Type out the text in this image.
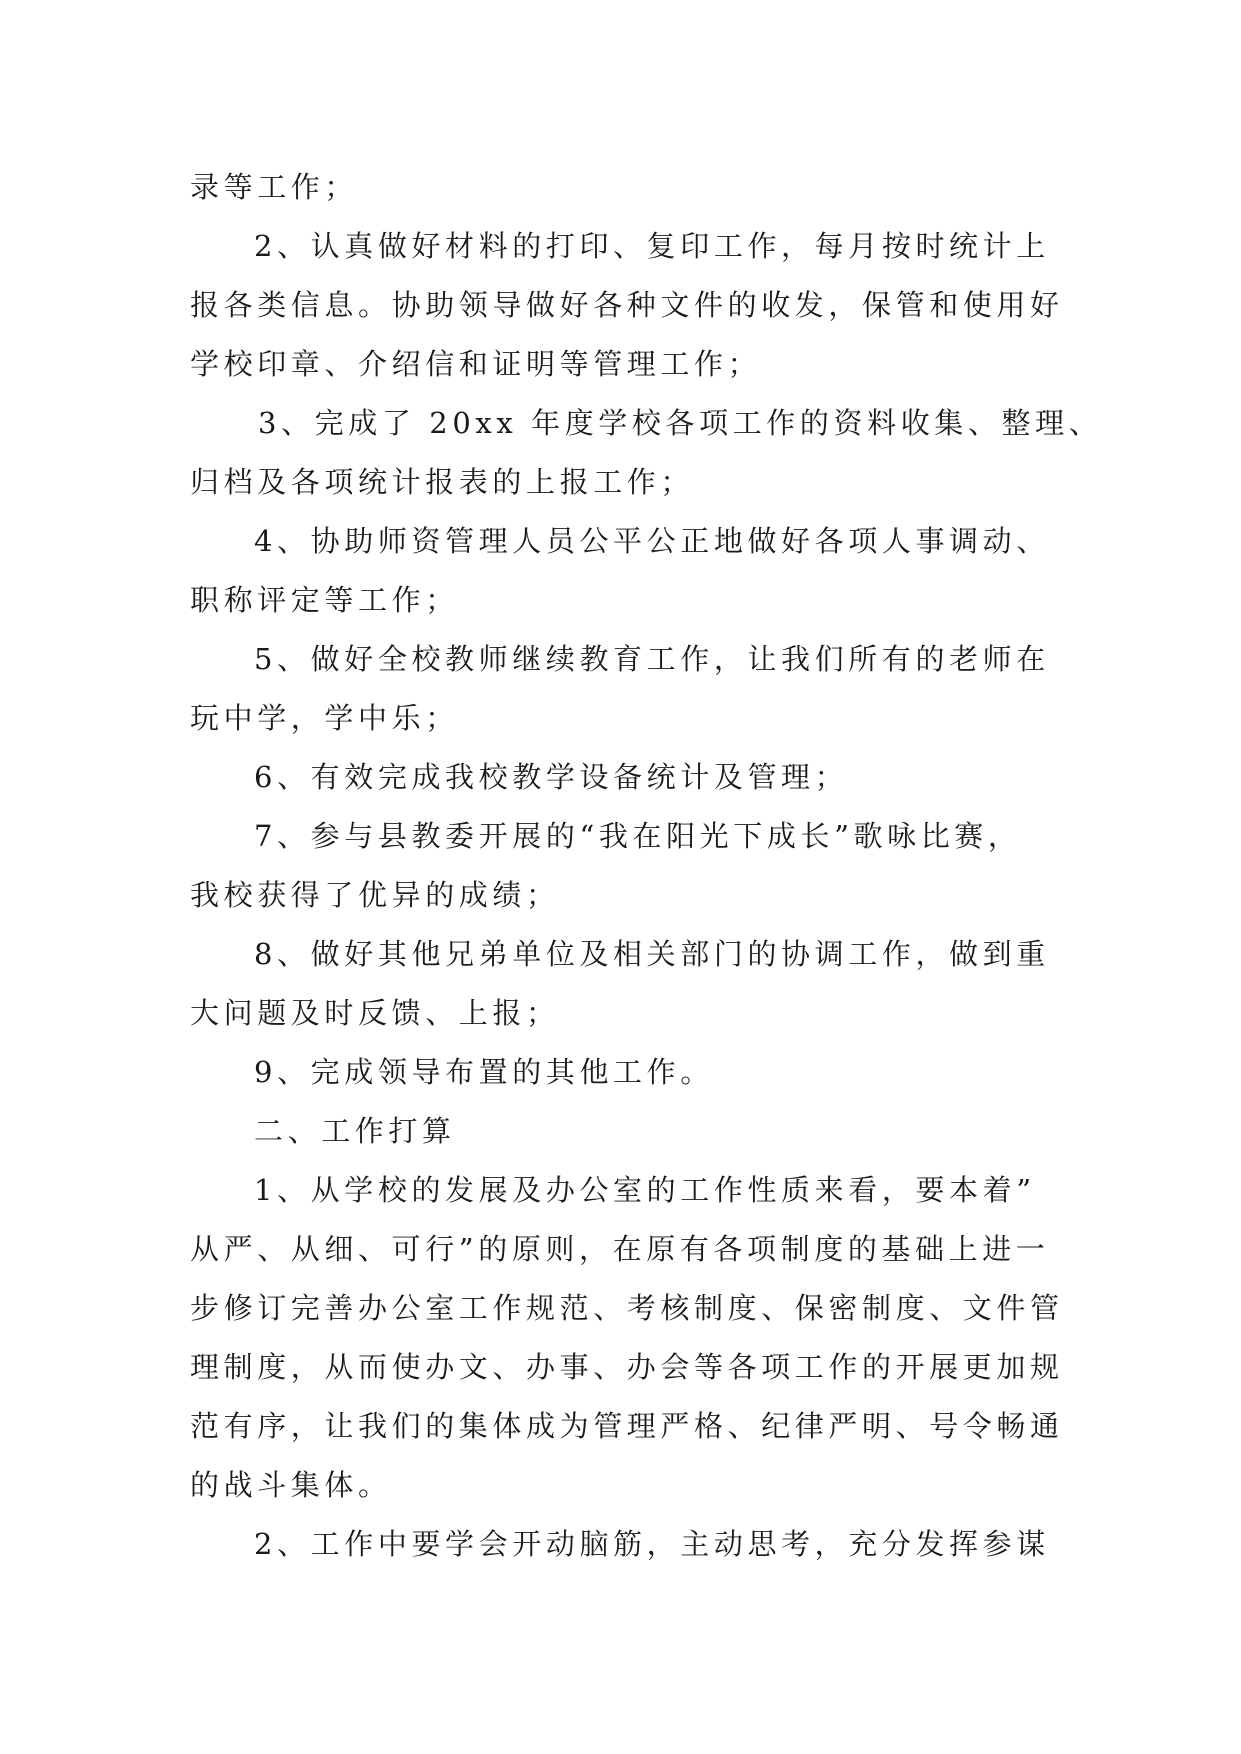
录等工作；
2、认真做好材料的打印、复印工作，每月按时统计上
报各类信息。协助领导做好各种文件的收发，保管和使用好
学校印章、介绍信和证明等管理工作；
3、完成了 20xx 年度学校各项工作的资料收集、整理、
归档及各项统计报表的上报工作；
4、协助师资管理人员公平公正地做好各项人事调动、
职称评定等工作；
5、做好全校教师继续教育工作，让我们所有的老师在
玩中学，学中乐；
6、有效完成我校教学设备统计及管理；
7、参与县教委开展的“我在阳光下成长”歌咏比赛，
我校获得了优异的成绩；
8、做好其他兄弟单位及相关部门的协调工作，做到重
大问题及时反馈、上报；
9、完成领导布置的其他工作。
二、工作打算
1、从学校的发展及办公室的工作性质来看，要本着”
从严、从细、可行”的原则，在原有各项制度的基础上进一
步修订完善办公室工作规范、考核制度、保密制度、文件管
理制度，从而使办文、办事、办会等各项工作的开展更加规
范有序，让我们的集体成为管理严格、纪律严明、号令畅通
的战斗集体。
2、工作中要学会开动脑筋，主动思考，充分发挥参谋
